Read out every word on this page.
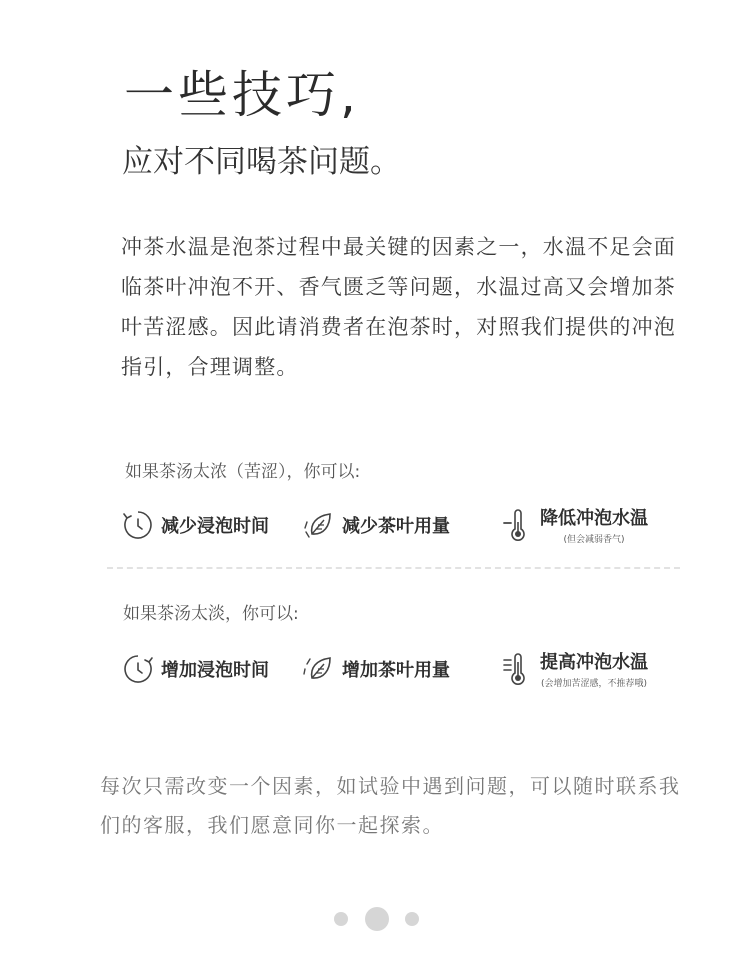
一些技巧,
应对不同喝茶问题。
冲茶水温是泡茶过程中最关键的因素之一，水温不足会面临茶叶冲泡不开、香气匮乏等问题，水温过高又会增加茶叶苦涩感。因此请消费者在泡茶时，对照我们提供的冲泡指引，合理调整。
如果茶汤太浓（苦涩），你可以:
减少浸泡时间	减少茶叶用量	降低冲泡水温
(但会减弱香气)
如果茶汤太淡，你可以:
增加浸泡时间	增加茶叶用量	提高冲泡水温
(会增加苦涩感，不推荐哦)
每次只需改变一个因素，如试验中遇到问题，可以随时联系我们的客服，我们愿意同你一起探索。
